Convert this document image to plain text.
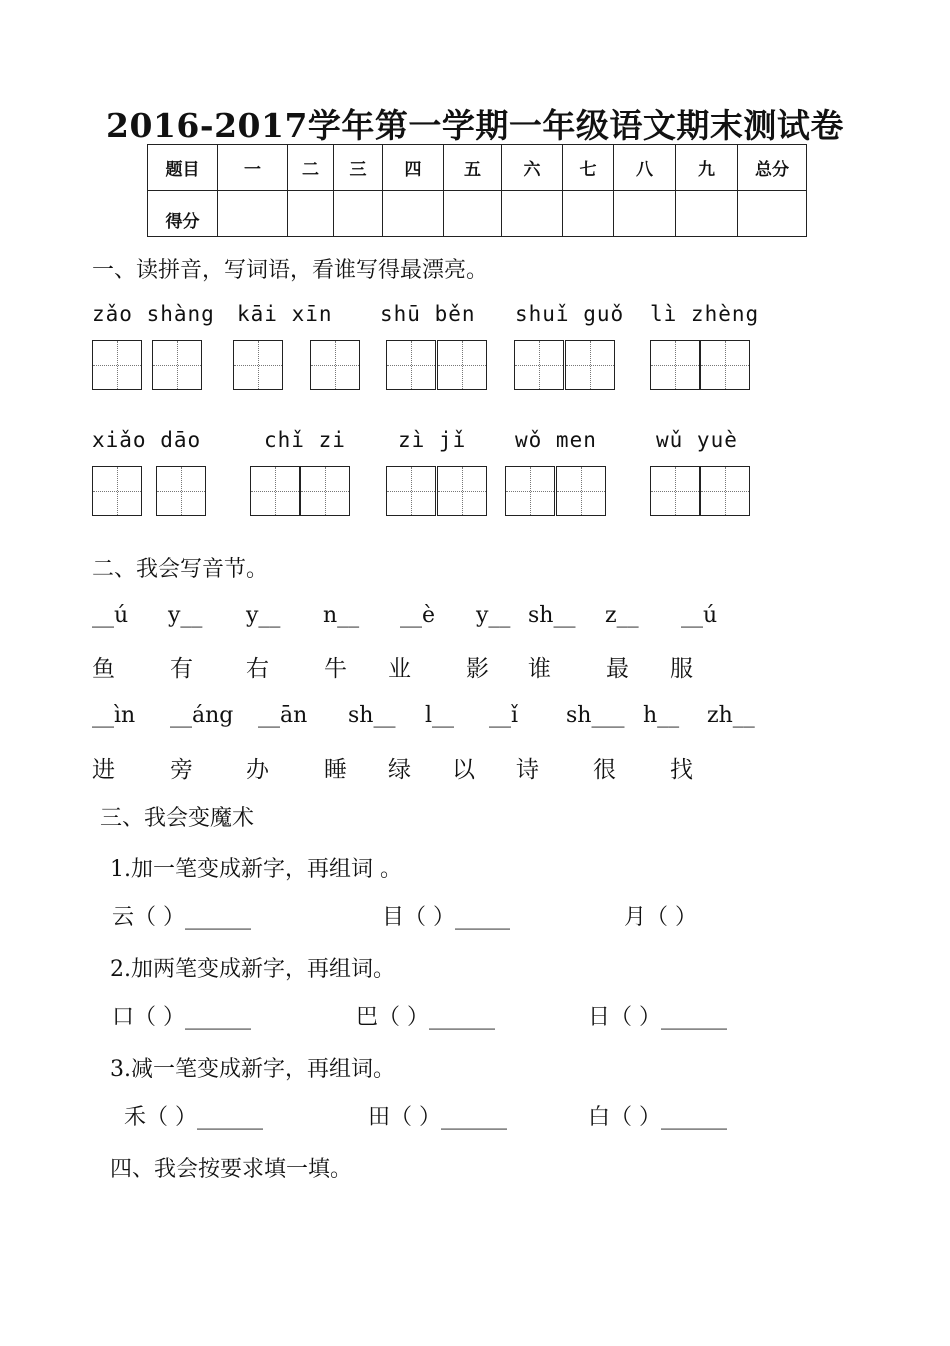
2016-2017学年第一学期一年级语文期末测试卷
题目	一	二	三	四	五	六	七	八	九	总分
得分										
一、读拼音，写词语，看谁写得最漂亮。
zǎo shàng kāi xīn shū běn shuǐ guǒ lì zhèng
xiǎo dāo	chǐ zi zì jǐ wǒ men	wǔ yuè
二、我会写音节。
__ú y__ y__ n__ __è y__ sh__ z__ __ú
鱼 有 右 牛 业 影 谁 最 服
__ìn __áng __ān sh__ l__ __ǐ sh___ h__ zh__
进 旁 办 睡 绿 以 诗 很 找
三、我会变魔术
1.加一笔变成新字，再组词 。
云（ ）______	目（ ）_____	月（ ）
2.加两笔变成新字，再组词。
口（ ）______	巴（ ）______	日（ ）______
3.减一笔变成新字，再组词。
禾（ ）______	田（ ）______	白（ ）______
四、我会按要求填一填。
